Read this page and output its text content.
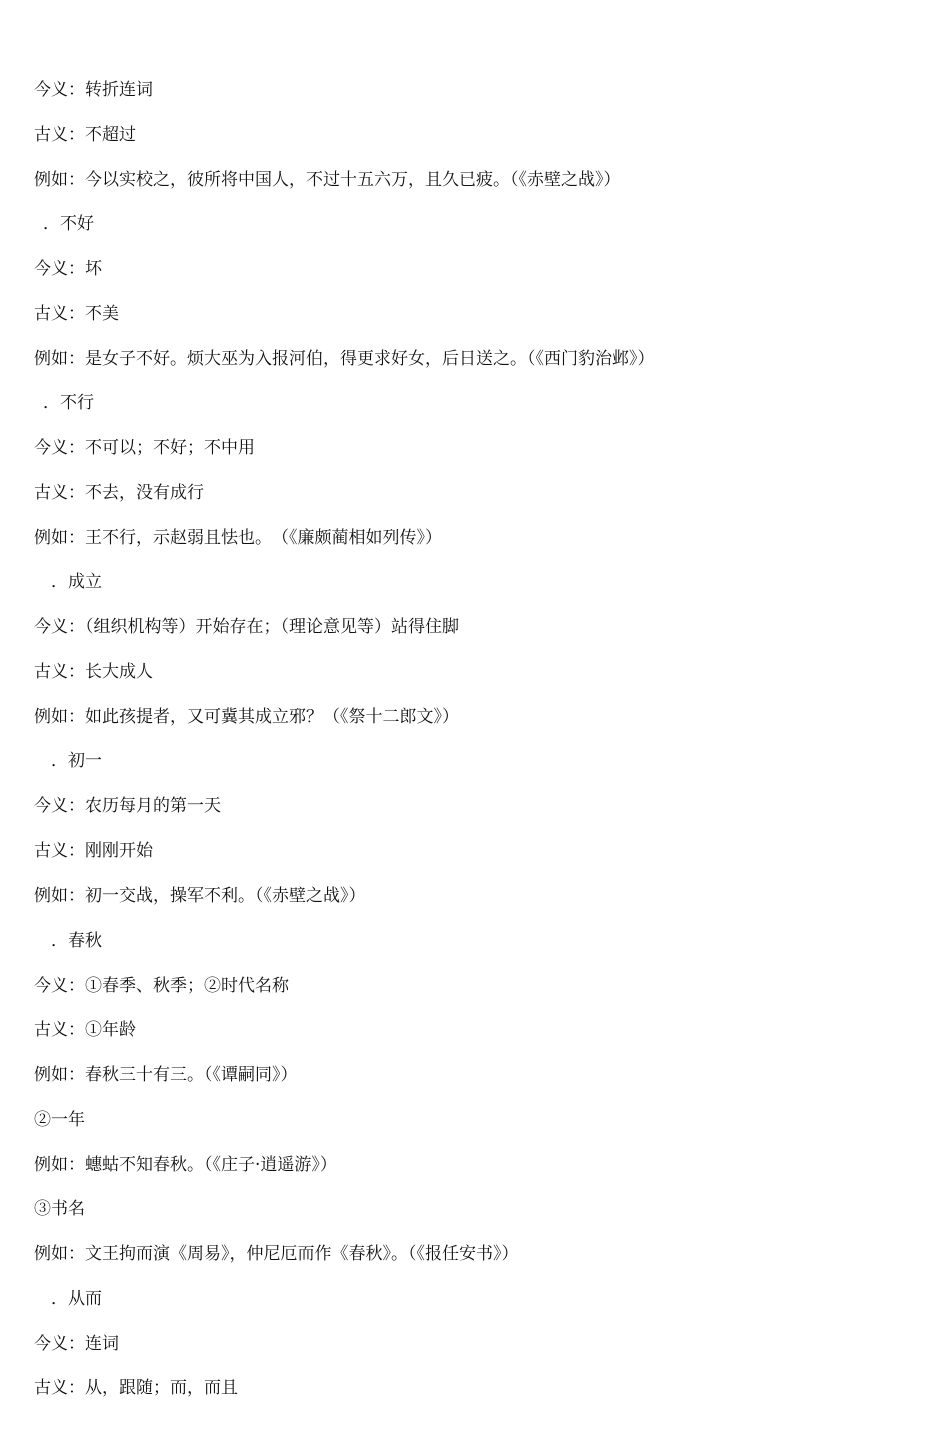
今义：转折连词
古义：不超过
例如：今以实校之，彼所将中国人，不过十五六万，且久已疲。（《赤壁之战》）
．不好
今义：坏
古义：不美
例如：是女子不好。烦大巫为入报河伯，得更求好女，后日送之。（《西门豹治邺》）
．不行
今义：不可以；不好；不中用
古义：不去，没有成行
例如：王不行，示赵弱且怯也。　（《廉颇蔺相如列传》）
．成立
今义：（组织机构等）开始存在；（理论意见等）站得住脚
古义：长大成人
例如：如此孩提者，又可冀其成立邪？（《祭十二郎文》）
．初一
今义：农历每月的第一天
古义：刚刚开始
例如：初一交战，操军不利。（《赤壁之战》）
．春秋
今义：①春季、秋季；②时代名称
古义：①年龄
例如：春秋三十有三。（《谭嗣同》）
②一年
例如：蟪蛄不知春秋。（《庄子·逍遥游》）
③书名
例如：文王拘而演《周易》，仲尼厄而作《春秋》。（《报任安书》）
．从而
今义：连词
古义：从，跟随；而，而且
